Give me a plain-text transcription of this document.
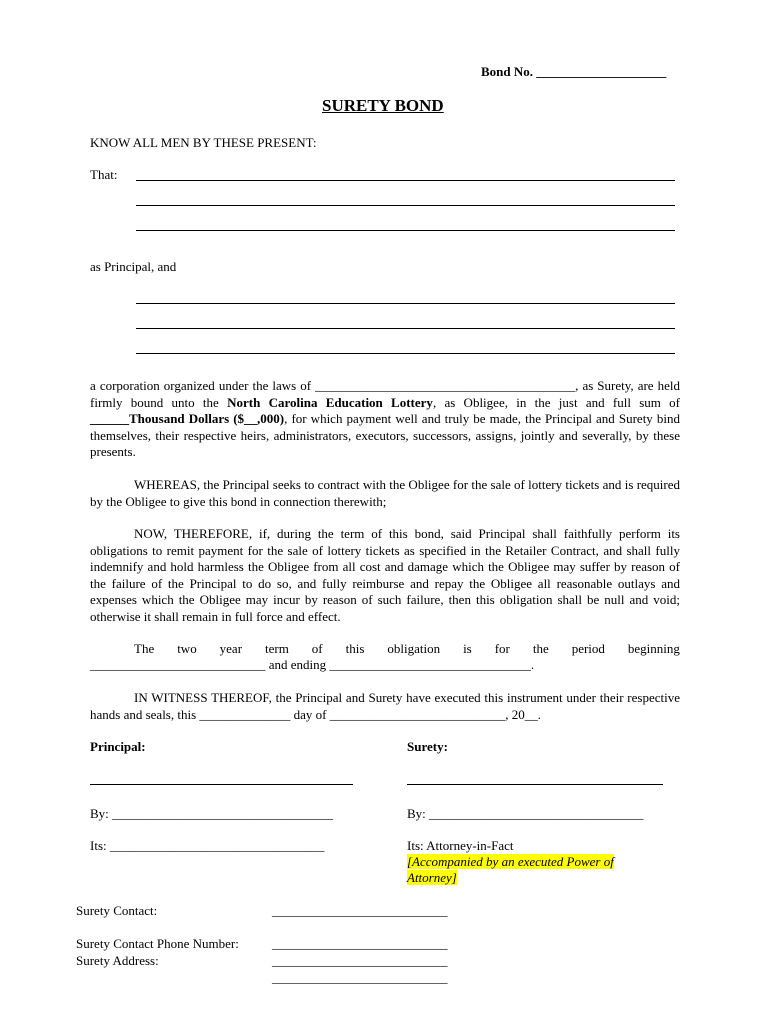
Bond No. ____________________
SURETY BOND
KNOW ALL MEN BY THESE PRESENT:
That:
as Principal, and
a corporation organized under the laws of ________________________________________, as Surety, are held firmly bound unto the North Carolina Education Lottery, as Obligee, in the just and full sum of ______Thousand Dollars ($__,000), for which payment well and truly be made, the Principal and Surety bind themselves, their respective heirs, administrators, executors, successors, assigns, jointly and severally, by these presents.
WHEREAS, the Principal seeks to contract with the Obligee for the sale of lottery tickets and is required by the Obligee to give this bond in connection therewith;
NOW, THEREFORE, if, during the term of this bond, said Principal shall faithfully perform its obligations to remit payment for the sale of lottery tickets as specified in the Retailer Contract, and shall fully indemnify and hold harmless the Obligee from all cost and damage which the Obligee may suffer by reason of the failure of the Principal to do so, and fully reimburse and repay the Obligee all reasonable outlays and expenses which the Obligee may incur by reason of such failure, then this obligation shall be null and void; otherwise it shall remain in full force and effect.
The two year term of this obligation is for the period beginning
___________________________ and ending _______________________________.
IN WITNESS THEREOF, the Principal and Surety have executed this instrument under their respective hands and seals, this ______________ day of ___________________________, 20__.
Principal:	Surety:
By: __________________________________	By: _________________________________
Its: _________________________________	Its: Attorney-in-Fact
[Accompanied by an executed Power of
Attorney]
Surety Contact:	___________________________
Surety Contact Phone Number:	___________________________
Surety Address:	___________________________
___________________________
